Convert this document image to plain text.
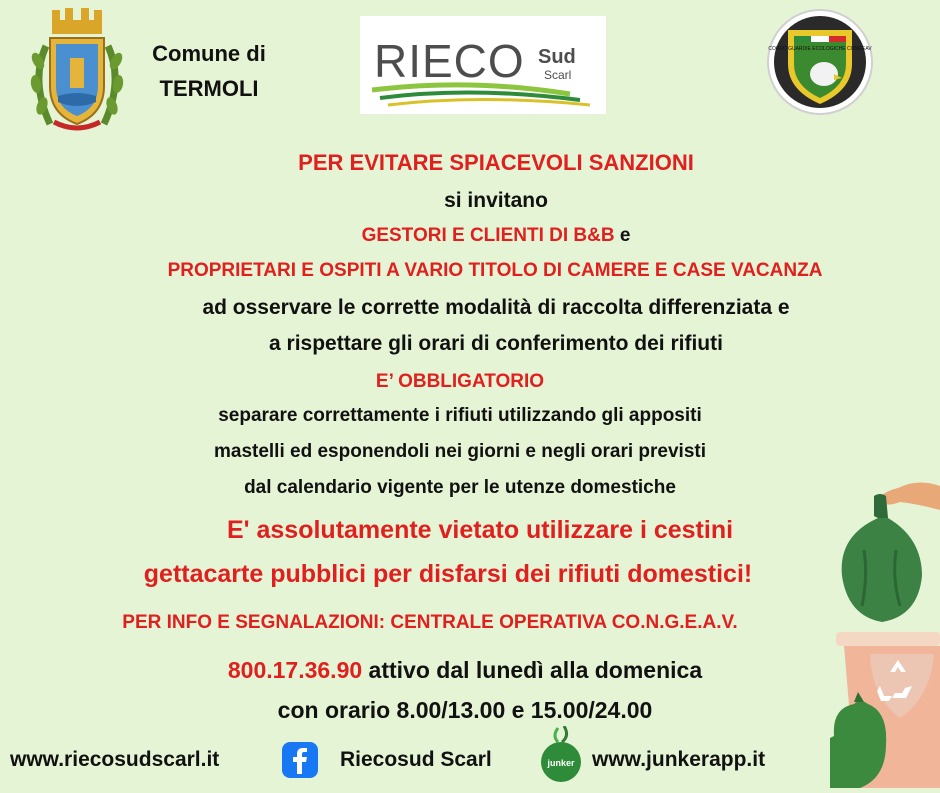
Comune di
TERMOLI
RIECO Sud
Scarl
CORPO GUARDIE ECOLOGICHE CONGEAV
PER EVITARE SPIACEVOLI SANZIONI
si invitano
GESTORI E CLIENTI DI B&B e
PROPRIETARI E OSPITI A VARIO TITOLO DI CAMERE E CASE VACANZA
ad osservare le corrette modalità di raccolta differenziata e
a rispettare gli orari di conferimento dei rifiuti
E’ OBBLIGATORIO
separare correttamente i rifiuti utilizzando gli appositi
mastelli ed esponendoli nei giorni e negli orari previsti
dal calendario vigente per le utenze domestiche
E' assolutamente vietato utilizzare i cestini
gettacarte pubblici per disfarsi dei rifiuti domestici!
PER INFO E SEGNALAZIONI: CENTRALE OPERATIVA CO.N.G.E.A.V.
800.17.36.90 attivo dal lunedì alla domenica
con orario 8.00/13.00 e 15.00/24.00
www.riecosudscarl.it	Riecosud Scarl	junker www.junkerapp.it
